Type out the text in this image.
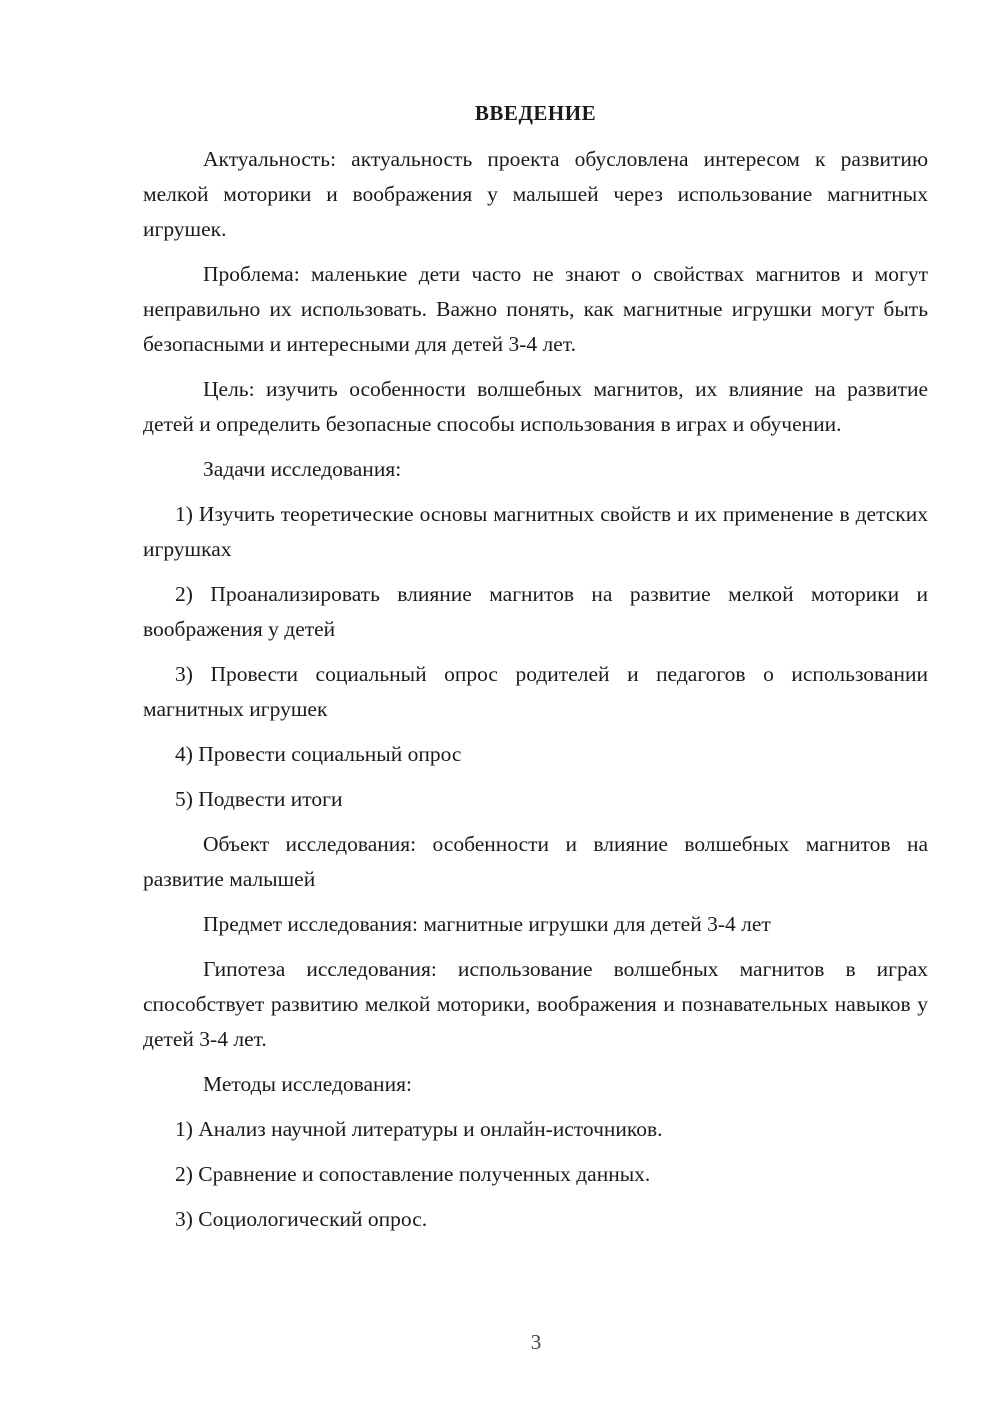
ВВЕДЕНИЕ
Актуальность: актуальность проекта обусловлена интересом к развитию мелкой моторики и воображения у малышей через использование магнитных игрушек.
Проблема: маленькие дети часто не знают о свойствах магнитов и могут неправильно их использовать. Важно понять, как магнитные игрушки могут быть безопасными и интересными для детей 3-4 лет.
Цель: изучить особенности волшебных магнитов, их влияние на развитие детей и определить безопасные способы использования в играх и обучении.
Задачи исследования:
1) Изучить теоретические основы магнитных свойств и их применение в детских игрушках
2) Проанализировать влияние магнитов на развитие мелкой моторики и воображения у детей
3) Провести социальный опрос родителей и педагогов о использовании магнитных игрушек
4) Провести социальный опрос
5) Подвести итоги
Объект исследования: особенности и влияние волшебных магнитов на развитие малышей
Предмет исследования: магнитные игрушки для детей 3-4 лет
Гипотеза исследования: использование волшебных магнитов в играх способствует развитию мелкой моторики, воображения и познавательных навыков у детей 3-4 лет.
Методы исследования:
1) Анализ научной литературы и онлайн-источников.
2) Сравнение и сопоставление полученных данных.
3) Социологический опрос.
3
